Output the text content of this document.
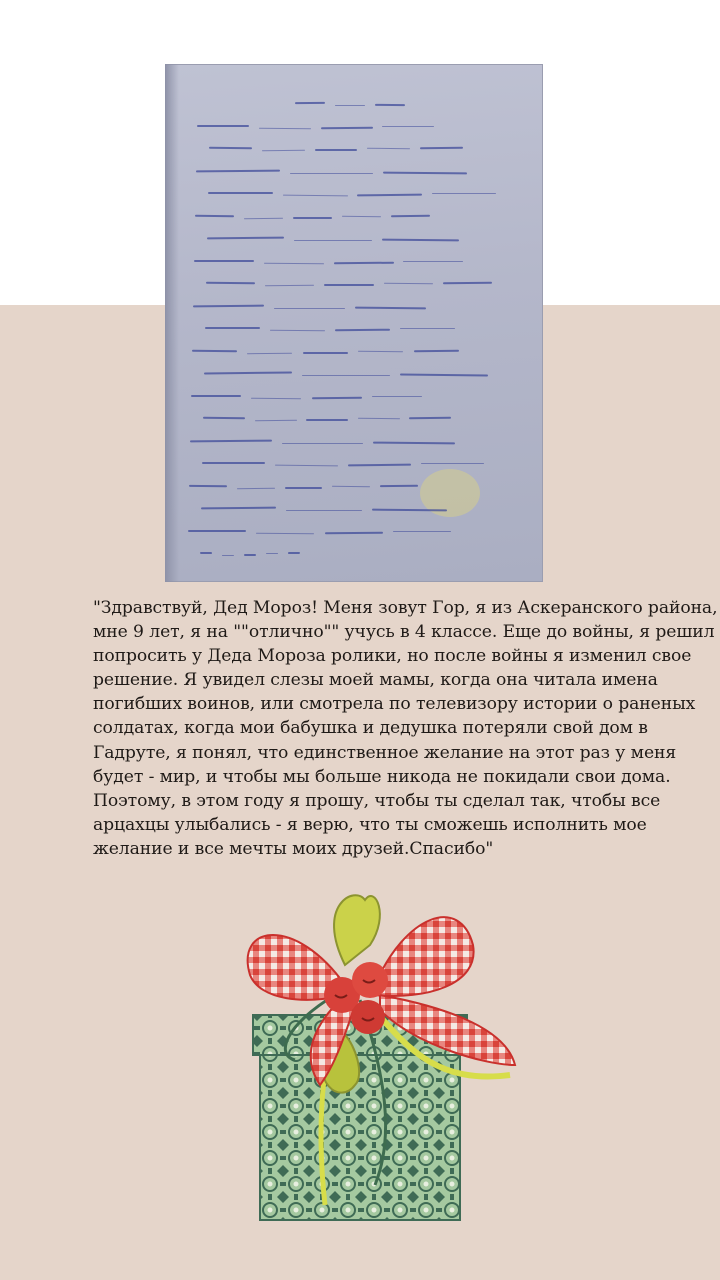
"Здравствуй, Дед Мороз! Меня зовут Гор, я из Аскеранского района, мне 9 лет, я на ""отлично"" учусь в 4 классе. Еще до войны, я решил попросить у Деда Мороза ролики, но после войны я изменил свое решение. Я увидел слезы моей мамы, когда она читала имена погибших воинов, или смотрела по телевизору истории о раненых солдатах, когда мои бабушка и дедушка потеряли свой дом в Гадруте, я понял, что единственное желание на этот раз у меня будет - мир, и чтобы мы больше никода не покидали свои дома. Поэтому, в этом году я прошу, чтобы ты сделал так, чтобы все арцахцы улыбались - я верю, что ты сможешь исполнить мое желание и все мечты моих друзей.Спасибо"
